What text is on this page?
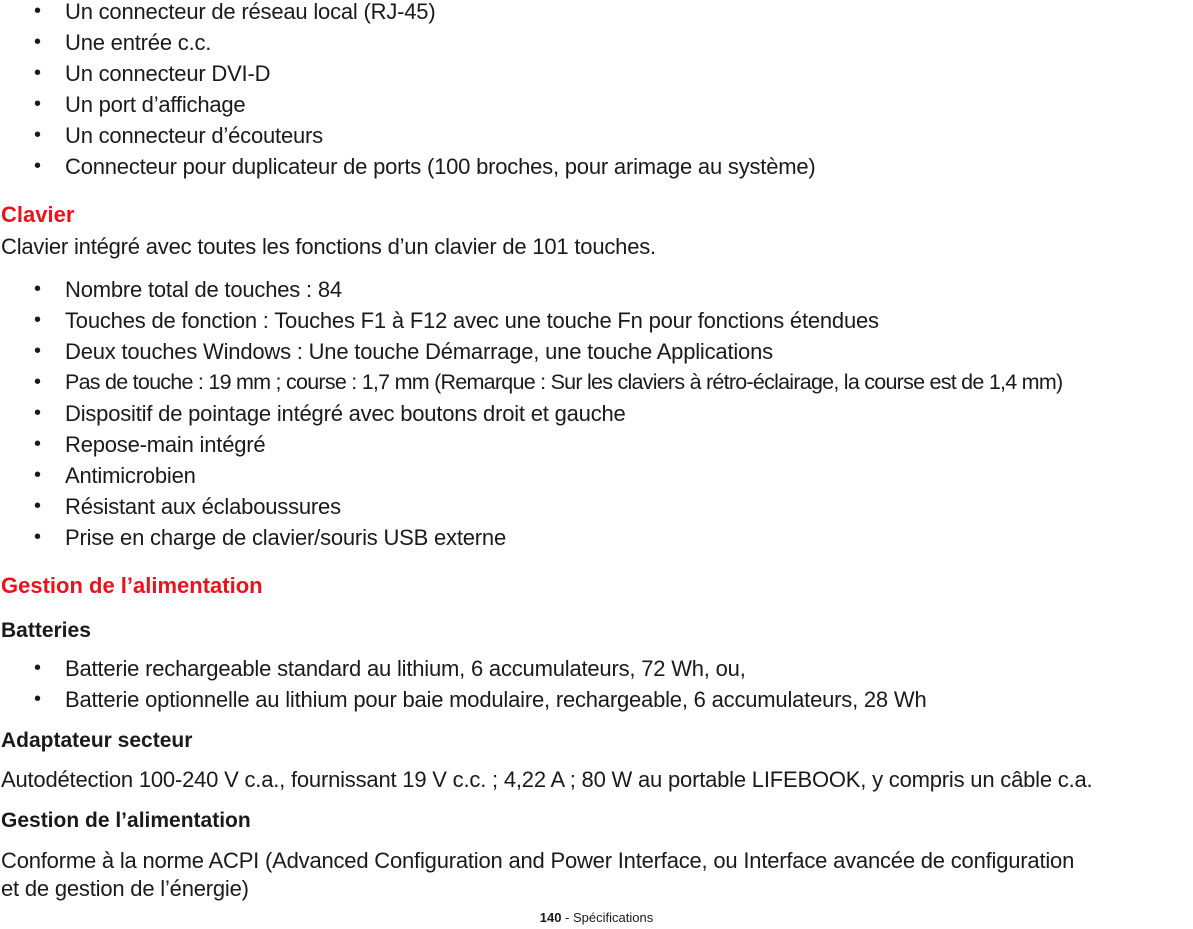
• Un connecteur de réseau local (RJ-45)
• Une entrée c.c.
• Un connecteur DVI-D
• Un port d’affichage
• Un connecteur d’écouteurs
• Connecteur pour duplicateur de ports (100 broches, pour arimage au système)
Clavier

Clavier intégré avec toutes les fonctions d’un clavier de 101 touches.

• Nombre total de touches : 84
• Touches de fonction : Touches F1 à F12 avec une touche Fn pour fonctions étendues
• Deux touches Windows : Une touche Démarrage, une touche Applications
• Pas de touche : 19 mm ; course : 1,7 mm (Remarque : Sur les claviers à rétro-éclairage, la course est de 1,4 mm)
• Dispositif de pointage intégré avec boutons droit et gauche
• Repose-main intégré
• Antimicrobien
• Résistant aux éclaboussures
• Prise en charge de clavier/souris USB externe
Gestion de l’alimentation
Batteries
• Batterie rechargeable standard au lithium, 6 accumulateurs, 72 Wh, ou,
• Batterie optionnelle au lithium pour baie modulaire, rechargeable, 6 accumulateurs, 28 Wh
Adaptateur secteur

Autodétection 100-240 V c.a., fournissant 19 V c.c. ; 4,22 A ; 80 W au portable LIFEBOOK, y compris un câble c.a.

Gestion de l’alimentation

Conforme à la norme ACPI (Advanced Configuration and Power Interface, ou Interface avancée de configuration

et de gestion de l’énergie)

140 - Spécifications
